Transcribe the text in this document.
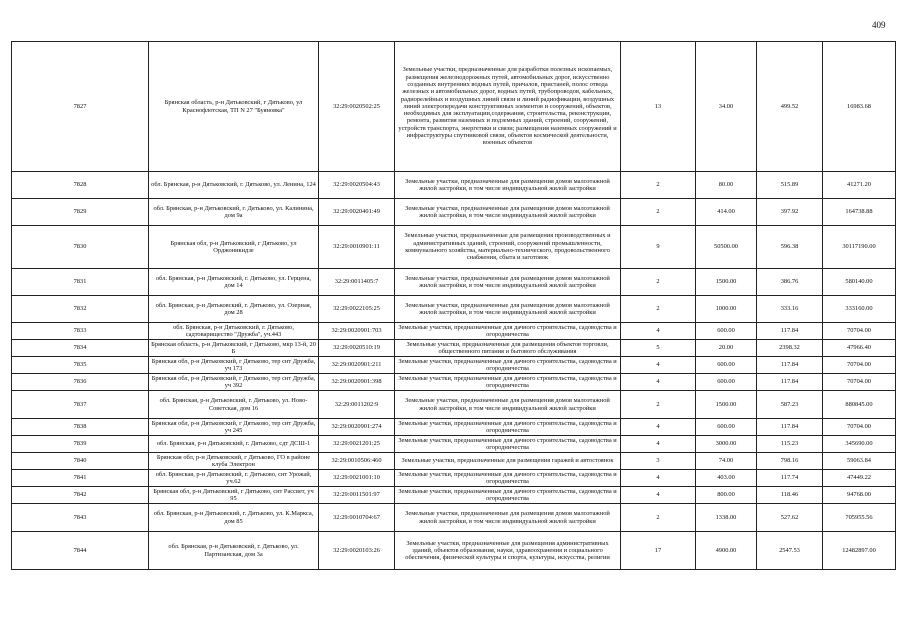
409
7827	Брянская область, р-н Дятьковский, г Дятьково, ул Краснофлотская, ТП N 27 "Буяновка"	32:29:0020502:25	Земельные участки, предназначенные для разработки полезных ископаемых, размещения железнодорожных путей, автомобильных дорог, искусственно созданных внутренних водных путей, причалов, пристаней, полос отвода железных и автомобильных дорог, водных путей, трубопроводов, кабельных, радиорелейных и воздушных линий связи и линий радиофикации, воздушных линий электропередачи конструктивных элементов и сооружений, объектов, необходимых для эксплуатации,содержания, строительства, реконструкции, ремонта, развития наземных и подземных зданий, строений, сооружений, устройств транспорта, энергетики и связи; размещения наземных сооружений и инфраструктуры спутниковой связи, объектов космической деятельности, военных объектов	13	34.00	499.52	16983.68
7828	обл. Брянская, р-н Дятьковский, г. Дятьково, ул. Ленина, 124	32:29:0020504:43	Земельные участки, предназначенные для размещения домов малоэтажной жилой застройки, в том числе индивидуальной жилой застройки	2	80.00	515.89	41271.20
7829	обл. Брянская, р-н Дятьковский, г. Дятьково, ул. Калинина, дом 9а	32:29:0020401:49	Земельные участки, предназначенные для размещения домов малоэтажной жилой застройки, в том числе индивидуальной жилой застройки	2	414.00	397.92	164738.88
7830	Брянская обл, р-н Дятьковский, г Дятьково, ул Орджоникидзе	32:29:0010901:11	Земельные участки, предназначенные для размещения производственных и административных зданий, строений, сооружений промышленности, коммунального хозяйства, материально-технического, продовольственного снабжения, сбыта и заготовок	9	50500.00	596.38	30117190.00
7831	обл. Брянская, р-н Дятьковский, г. Дятьково, ул. Герцена, дом 14	32:29:0011405:7	Земельные участки, предназначенные для размещения домов малоэтажной жилой застройки, в том числе индивидуальной жилой застройки	2	1500.00	386.76	580140.00
7832	обл. Брянская, р-н Дятьковский, г. Дятьково, ул. Озерная, дом 28	32:29:0022105:25	Земельные участки, предназначенные для размещения домов малоэтажной жилой застройки, в том числе индивидуальной жилой застройки	2	1000.00	333.16	333160.00
7833	обл. Брянская, р-н Дятьковский, г. Дятьково, садтоварищество "Дружба", уч.443	32:29:0020901:703	Земельные участки, предназначенные для дачного строительства, садоводства и огородничества	4	600.00	117.84	70704.00
7834	Брянская область, р-н Дятьковский, г Дятьково, мкр 13-й, 20 Б	32:29:0020510:19	Земельные участки, предназначенные для размещения объектов торговли, общественного питания и бытового обслуживания	5	20.00	2398.32	47966.40
7835	Брянская обл, р-н Дятьковский, г Дятьково, тер снт Дружба, уч 173	32:29:0020901:211	Земельные участки, предназначенные для дачного строительства, садоводства и огородничества	4	600.00	117.84	70704.00
7836	Брянская обл, р-н Дятьковский, г Дятьково, тер снт Дружба, уч 392	32:29:0020901:398	Земельные участки, предназначенные для дачного строительства, садоводства и огородничества	4	600.00	117.84	70704.00
7837	обл. Брянская, р-н Дятьковский, г. Дятьково, ул. Ново-Советская, дом 16	32:29:0011202:9	Земельные участки, предназначенные для размещения домов малоэтажной жилой застройки, в том числе индивидуальной жилой застройки	2	1500.00	587.23	880845.00
7838	Брянская обл, р-н Дятьковский, г Дятьково, тер снт Дружба, уч 245	32:29:0020901:274	Земельные участки, предназначенные для дачного строительства, садоводства и огородничества	4	600.00	117.84	70704.00
7839	обл. Брянская, р-н Дятьковский, г. Дятьково, сдт ДСШ-1	32:29:0021201:25	Земельные участки, предназначенные для дачного строительства, садоводства и огородничества	4	3000.00	115.23	345690.00
7840	Брянская обл, р-н Дятьковский, г Дятьково, ГО в районе клуба Электрон	32:29:0010506:460	Земельные участки, предназначенные для размещения гаражей и автостоянок	3	74.00	798.16	59063.84
7841	обл. Брянская, р-н Дятьковский, г. Дятьково, снт Урожай, уч.62	32:29:0021001:10	Земельные участки, предназначенные для дачного строительства, садоводства и огородничества	4	403.00	117.74	47449.22
7842	Брянская обл, р-н Дятьковский, г Дятьково, снт Рассвет, уч 95	32:29:0011501:97	Земельные участки, предназначенные для дачного строительства, садоводства и огородничества	4	800.00	118.46	94768.00
7843	обл. Брянская, р-н Дятьковский, г. Дятьково, ул. К.Маркса, дом 85	32:29:0010704:67	Земельные участки, предназначенные для размещения домов малоэтажной жилой застройки, в том числе индивидуальной жилой застройки	2	1338.00	527.62	705955.56
7844	обл. Брянская, р-н Дятьковский, г. Дятьково, ул. Партизанская, дом 3а	32:29:0020103:26	Земельные участки, предназначенные для размещения административных зданий, объектов образования, науки, здравоохранения и социального обеспечения, физической культуры и спорта, культуры, искусства, религии	17	4900.00	2547.53	12482897.00
